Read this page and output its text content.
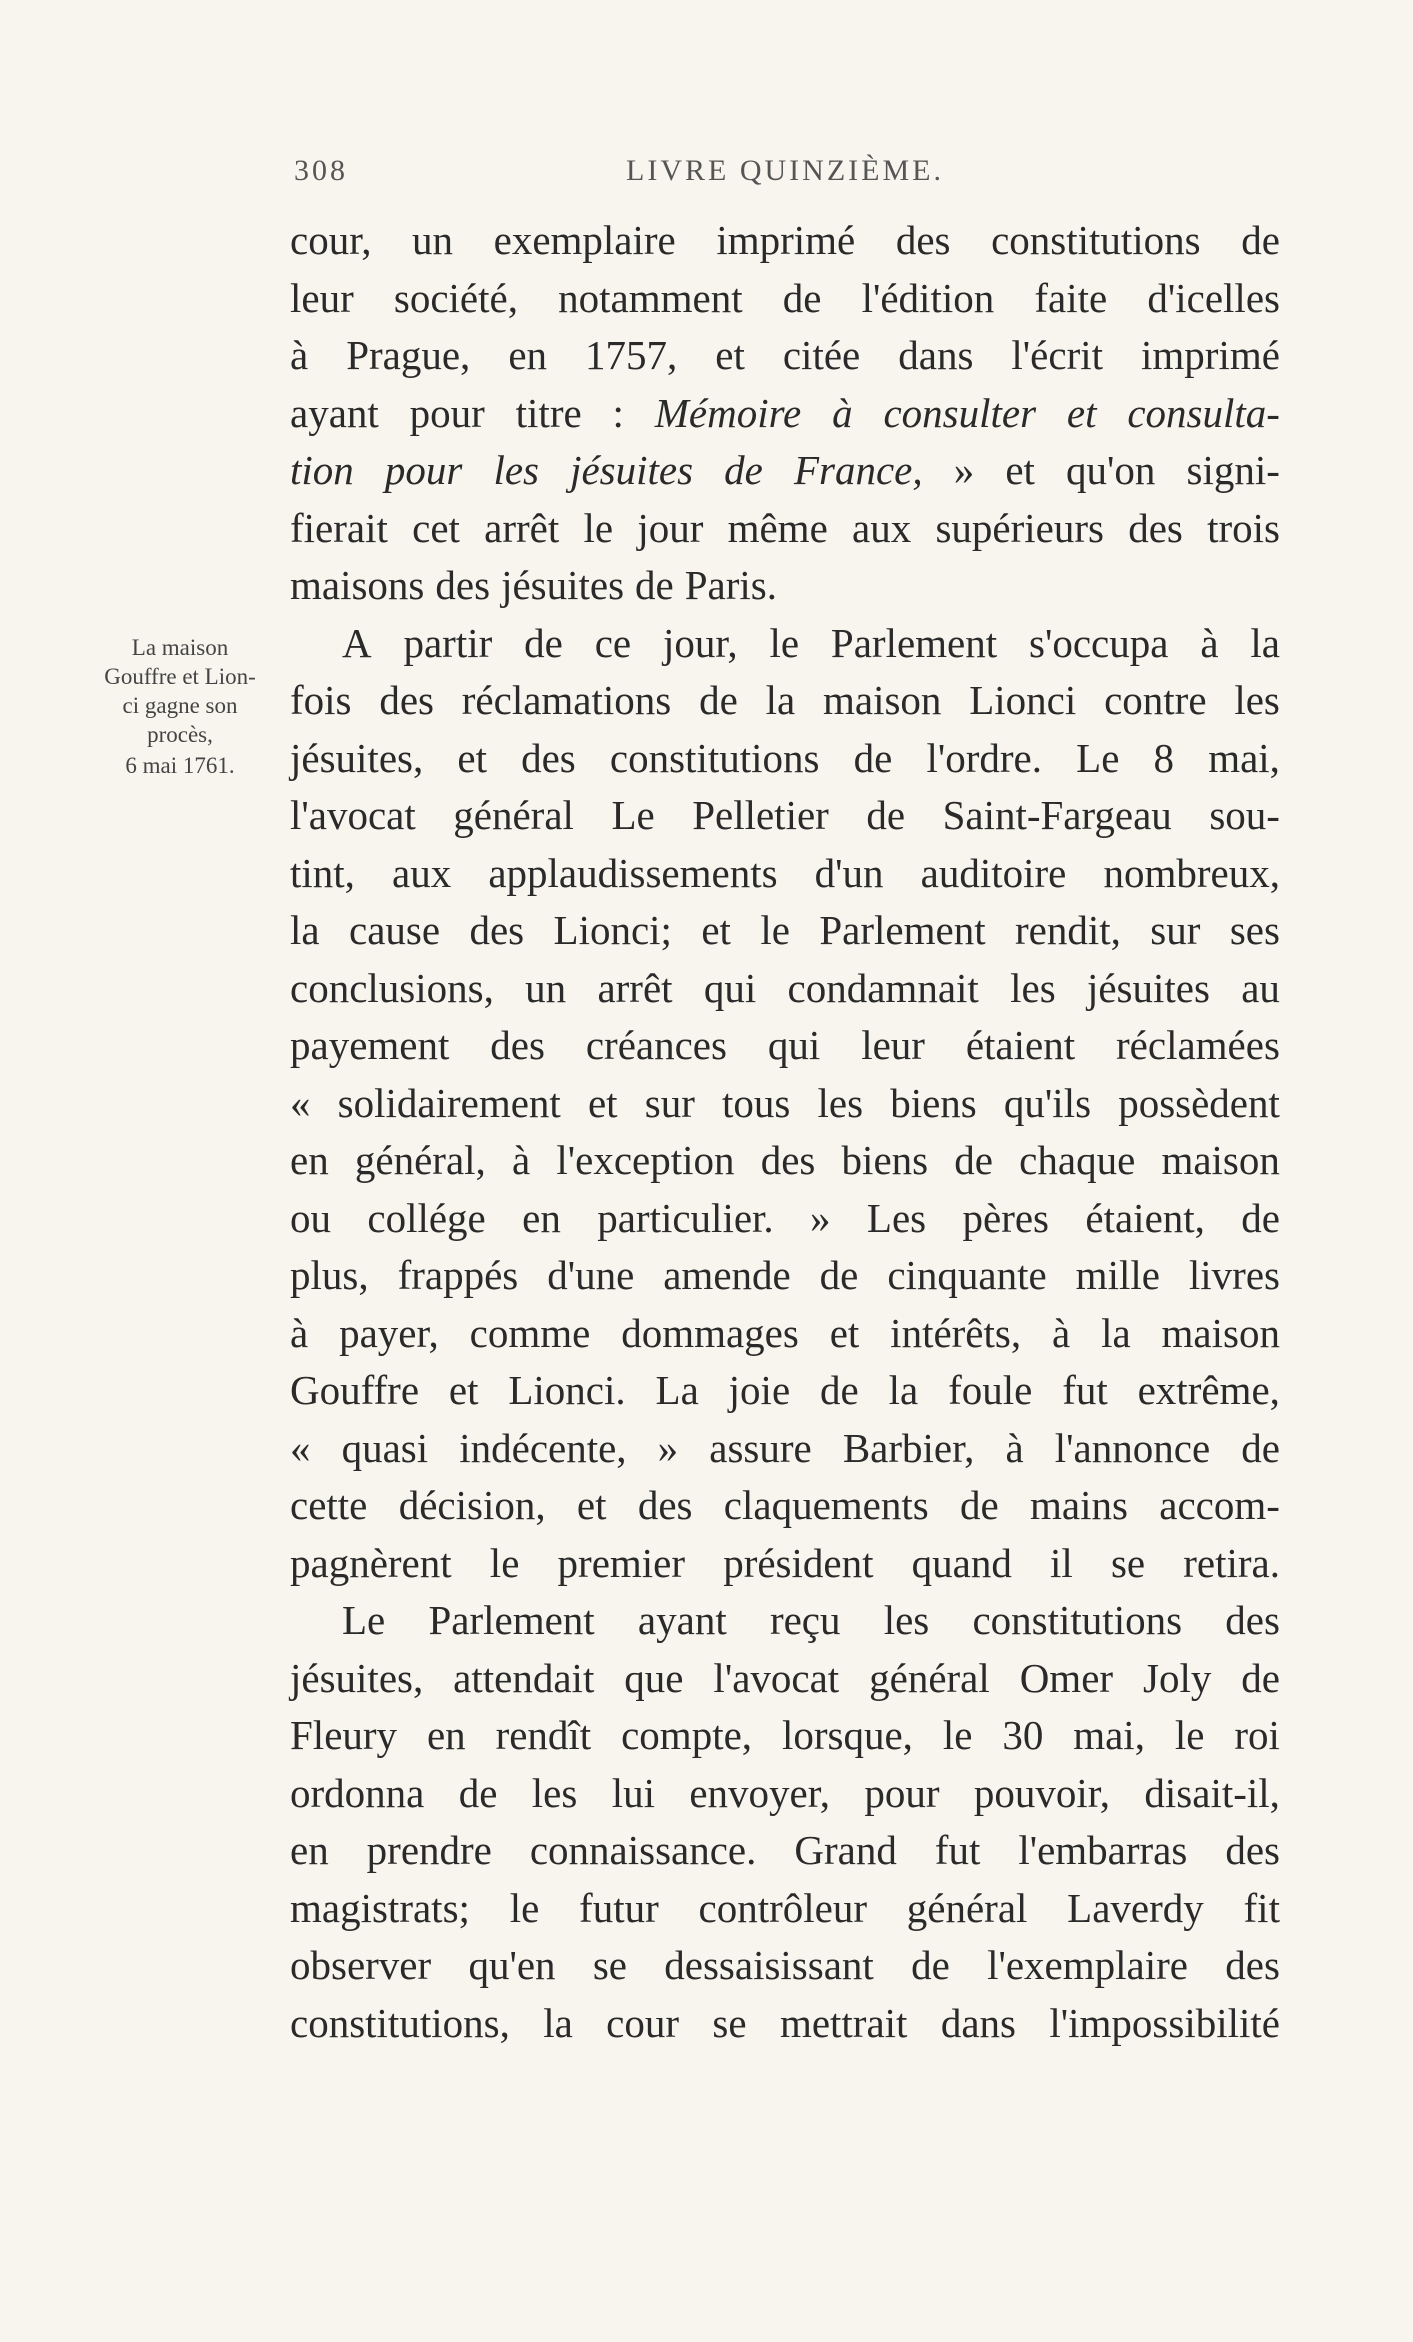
308	LIVRE QUINZIÈME.
La maison
Gouffre et Lion-
ci gagne son
procès,
6 mai 1761.
cour, un exemplaire imprimé des constitutions de
leur société, notamment de l'édition faite d'icelles
à Prague, en 1757, et citée dans l'écrit imprimé
ayant pour titre : Mémoire à consulter et consulta-
tion pour les jésuites de France, » et qu'on signi-
fierait cet arrêt le jour même aux supérieurs des trois
maisons des jésuites de Paris.
A partir de ce jour, le Parlement s'occupa à la
fois des réclamations de la maison Lionci contre les
jésuites, et des constitutions de l'ordre. Le 8 mai,
l'avocat général Le Pelletier de Saint-Fargeau sou-
tint, aux applaudissements d'un auditoire nombreux,
la cause des Lionci; et le Parlement rendit, sur ses
conclusions, un arrêt qui condamnait les jésuites au
payement des créances qui leur étaient réclamées
« solidairement et sur tous les biens qu'ils possèdent
en général, à l'exception des biens de chaque maison
ou collége en particulier. » Les pères étaient, de
plus, frappés d'une amende de cinquante mille livres
à payer, comme dommages et intérêts, à la maison
Gouffre et Lionci. La joie de la foule fut extrême,
« quasi indécente, » assure Barbier, à l'annonce de
cette décision, et des claquements de mains accom-
pagnèrent le premier président quand il se retira.
Le Parlement ayant reçu les constitutions des
jésuites, attendait que l'avocat général Omer Joly de
Fleury en rendît compte, lorsque, le 30 mai, le roi
ordonna de les lui envoyer, pour pouvoir, disait-il,
en prendre connaissance. Grand fut l'embarras des
magistrats; le futur contrôleur général Laverdy fit
observer qu'en se dessaisissant de l'exemplaire des
constitutions, la cour se mettrait dans l'impossibilité
